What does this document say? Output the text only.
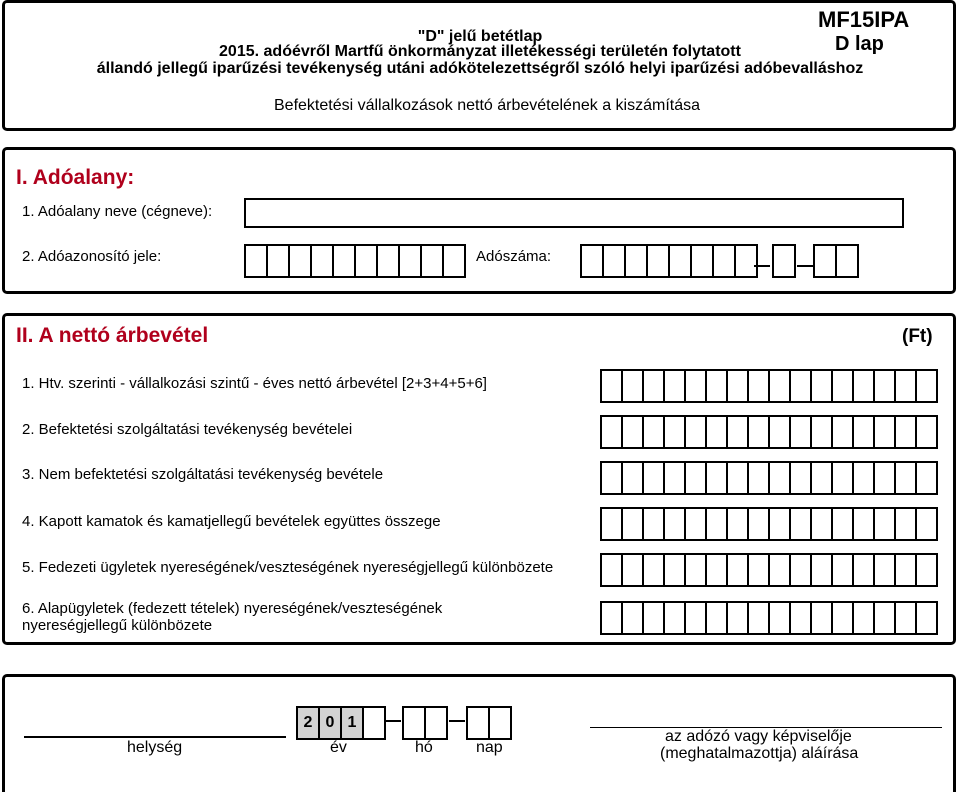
MF15IPA
D lap
"D" jelű betétlap
2015. adóévről Martfű önkormányzat illetékességi területén folytatott
állandó jellegű iparűzési tevékenység utáni adókötelezettségről szóló helyi iparűzési adóbevalláshoz
Befektetési vállalkozások nettó árbevételének a kiszámítása
I. Adóalany:
1. Adóalany neve (cégneve):
2. Adóazonosító jele:	Adószáma:
II. A nettó árbevétel	(Ft)
1. Htv. szerinti - vállalkozási szintű - éves nettó árbevétel [2+3+4+5+6]
2. Befektetési szolgáltatási tevékenység bevételei
3. Nem befektetési szolgáltatási tevékenység bevétele
4. Kapott kamatok és kamatjellegű bevételek együttes összege
5. Fedezeti ügyletek nyereségének/veszteségének nyereségjellegű különbözete
6. Alapügyletek (fedezett tételek) nyereségének/veszteségének
nyereségjellegű különbözete
helység
2 0 1
év	hó	nap
az adózó vagy képviselője
(meghatalmazottja) aláírása
